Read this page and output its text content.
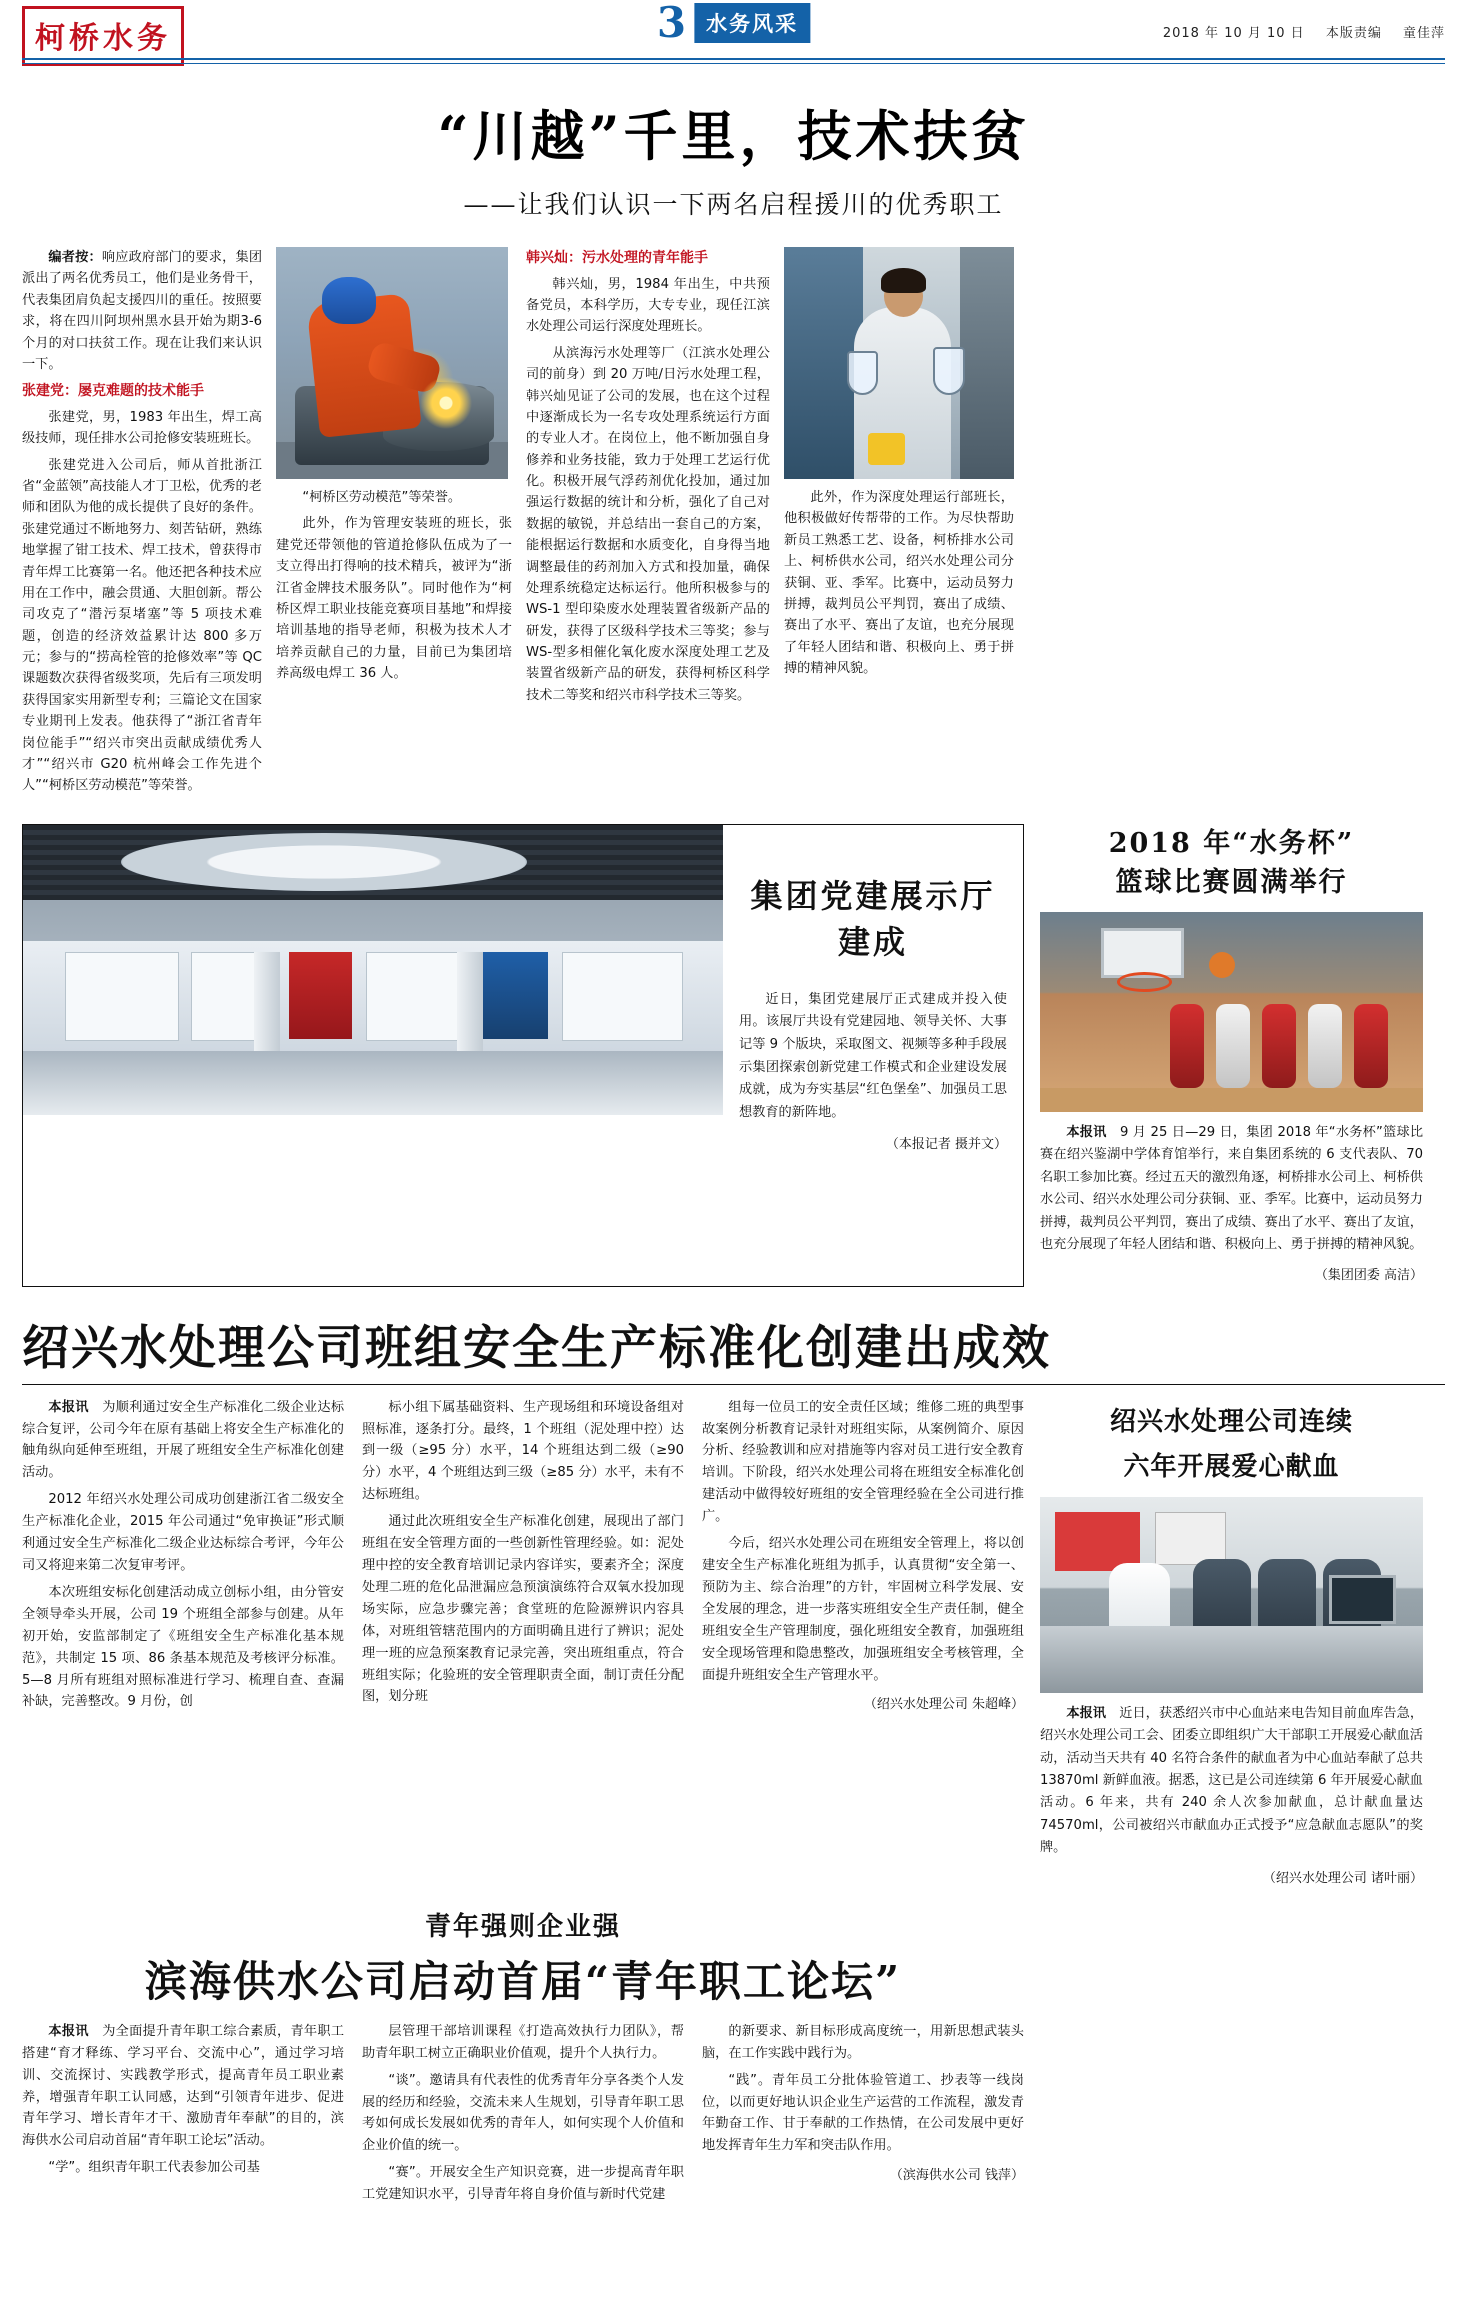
柯桥水务	3 水务风采	2018 年 10 月 10 日 本版责编 童佳萍
“川越”千里，技术扶贫
——让我们认识一下两名启程援川的优秀职工

编者按：响应政府部门的要求，集团派出了两名优秀员工，他们是业务骨干，代表集团肩负起支援四川的重任。按照要求，将在四川阿坝州黑水县开始为期3-6个月的对口扶贫工作。现在让我们来认识一下。

张建党：屡克难题的技术能手

张建党，男，1983 年出生，焊工高级技师，现任排水公司抢修安装班班长。

张建党进入公司后，师从首批浙江省“金蓝领”高技能人才丁卫松，优秀的老师和团队为他的成长提供了良好的条件。张建党通过不断地努力、刻苦钻研，熟练地掌握了钳工技术、焊工技术，曾获得市青年焊工比赛第一名。他还把各种技术应用在工作中，融会贯通、大胆创新。帮公司攻克了“潜污泵堵塞”等 5 项技术难题，创造的经济效益累计达 800 多万元；参与的“捞高栓管的抢修效率”等 QC 课题数次获得省级奖项，先后有三项发明获得国家实用新型专利；三篇论文在国家专业期刊上发表。他获得了“浙江省青年岗位能手”“绍兴市突出贡献成绩优秀人才”“绍兴市 G20 杭州峰会工作先进个人”“柯桥区劳动模范”等荣誉。

“柯桥区劳动模范”等荣誉。

此外，作为管理安装班的班长，张建党还带领他的管道抢修队伍成为了一支立得出打得响的技术精兵，被评为“浙江省金牌技术服务队”。同时他作为“柯桥区焊工职业技能竞赛项目基地”和焊接培训基地的指导老师，积极为技术人才培养贡献自己的力量，目前已为集团培养高级电焊工 36 人。

韩兴灿：污水处理的青年能手

韩兴灿，男，1984 年出生，中共预备党员，本科学历，大专专业，现任江滨水处理公司运行深度处理班长。

从滨海污水处理等厂（江滨水处理公司的前身）到 20 万吨/日污水处理工程，韩兴灿见证了公司的发展，也在这个过程中逐渐成长为一名专攻处理系统运行方面的专业人才。在岗位上，他不断加强自身修养和业务技能，致力于处理工艺运行优化。积极开展气浮药剂优化投加，通过加强运行数据的统计和分析，强化了自己对数据的敏锐，并总结出一套自己的方案，能根据运行数据和水质变化，自身得当地调整最佳的药剂加入方式和投加量，确保处理系统稳定达标运行。他所积极参与的 WS-1 型印染废水处理装置省级新产品的研发，获得了区级科学技术三等奖；参与 WS-型多相催化氧化废水深度处理工艺及装置省级新产品的研发，获得柯桥区科学技术二等奖和绍兴市科学技术三等奖。

此外，作为深度处理运行部班长，他积极做好传帮带的工作。为尽快帮助新员工熟悉工艺、设备，柯桥排水公司上、柯桥供水公司，绍兴水处理公司分获铜、亚、季军。比赛中，运动员努力拼搏，裁判员公平判罚，赛出了成绩、赛出了水平、赛出了友谊，也充分展现了年轻人团结和谐、积极向上、勇于拼搏的精神风貌。

集团党建展示厅建成

近日，集团党建展厅正式建成并投入使用。该展厅共设有党建园地、领导关怀、大事记等 9 个版块，采取图文、视频等多种手段展示集团探索创新党建工作模式和企业建设发展成就，成为夯实基层“红色堡垒”、加强员工思想教育的新阵地。

（本报记者 摄并文）
2018 年“水务杯”
篮球比赛圆满举行

本报讯　 9 月 25 日—29 日，集团 2018 年“水务杯”篮球比赛在绍兴鉴湖中学体育馆举行，来自集团系统的 6 支代表队、70 名职工参加比赛。经过五天的激烈角逐，柯桥排水公司上、柯桥供水公司、绍兴水处理公司分获铜、亚、季军。比赛中，运动员努力拼搏，裁判员公平判罚，赛出了成绩、赛出了水平、赛出了友谊，也充分展现了年轻人团结和谐、积极向上、勇于拼搏的精神风貌。

（集团团委 高洁）
绍兴水处理公司班组安全生产标准化创建出成效

本报讯　 为顺利通过安全生产标准化二级企业达标综合复评，公司今年在原有基础上将安全生产标准化的触角纵向延伸至班组，开展了班组安全生产标准化创建活动。

2012 年绍兴水处理公司成功创建浙江省二级安全生产标准化企业，2015 年公司通过“免审换证”形式顺利通过安全生产标准化二级企业达标综合考评，今年公司又将迎来第二次复审考评。

本次班组安标化创建活动成立创标小组，由分管安全领导牵头开展，公司 19 个班组全部参与创建。从年初开始，安监部制定了《班组安全生产标准化基本规范》，共制定 15 项、86 条基本规范及考核评分标准。5—8 月所有班组对照标准进行学习、梳理自查、查漏补缺，完善整改。9 月份，创

标小组下属基础资料、生产现场组和环境设备组对照标准，逐条打分。最终，1 个班组（泥处理中控）达到一级（≥95 分）水平，14 个班组达到二级（≥90 分）水平，4 个班组达到三级（≥85 分）水平，未有不达标班组。

通过此次班组安全生产标准化创建，展现出了部门班组在安全管理方面的一些创新性管理经验。如：泥处理中控的安全教育培训记录内容详实，要素齐全；深度处理二班的危化品泄漏应急预演演练符合双氧水投加现场实际，应急步骤完善；食堂班的危险源辨识内容具体，对班组管辖范围内的方面明确且进行了辨识；泥处理一班的应急预案教育记录完善，突出班组重点，符合班组实际；化验班的安全管理职责全面，制订责任分配图，划分班

组每一位员工的安全责任区域；维修二班的典型事故案例分析教育记录针对班组实际，从案例简介、原因分析、经验教训和应对措施等内容对员工进行安全教育培训。下阶段，绍兴水处理公司将在班组安全标准化创建活动中做得较好班组的安全管理经验在全公司进行推广。

今后，绍兴水处理公司在班组安全管理上，将以创建安全生产标准化班组为抓手，认真贯彻“安全第一、预防为主、综合治理”的方针，牢固树立科学发展、安全发展的理念，进一步落实班组安全生产责任制，健全班组安全生产管理制度，强化班组安全教育，加强班组安全现场管理和隐患整改，加强班组安全考核管理，全面提升班组安全生产管理水平。

（绍兴水处理公司 朱超峰）
绍兴水处理公司连续
六年开展爱心献血

本报讯　 近日，获悉绍兴市中心血站来电告知目前血库告急，绍兴水处理公司工会、团委立即组织广大干部职工开展爱心献血活动，活动当天共有 40 名符合条件的献血者为中心血站奉献了总共 13870ml 新鲜血液。据悉，这已是公司连续第 6 年开展爱心献血活动。6 年来，共有 240 余人次参加献血，总计献血量达 74570ml，公司被绍兴市献血办正式授予“应急献血志愿队”的奖牌。

（绍兴水处理公司 诸叶丽）
青年强则企业强
滨海供水公司启动首届“青年职工论坛”

本报讯　 为全面提升青年职工综合素质，青年职工搭建“育才释练、学习平台、交流中心”，通过学习培训、交流探讨、实践教学形式，提高青年员工职业素养，增强青年职工认同感，达到“引领青年进步、促进青年学习、增长青年才干、激励青年奉献”的目的，滨海供水公司启动首届“青年职工论坛”活动。

“学”。组织青年职工代表参加公司基

层管理干部培训课程《打造高效执行力团队》，帮助青年职工树立正确职业价值观，提升个人执行力。

“谈”。邀请具有代表性的优秀青年分享各类个人发展的经历和经验，交流未来人生规划，引导青年职工思考如何成长发展如优秀的青年人，如何实现个人价值和企业价值的统一。

“赛”。开展安全生产知识竞赛，进一步提高青年职工党建知识水平，引导青年将自身价值与新时代党建

的新要求、新目标形成高度统一，用新思想武装头脑，在工作实践中践行为。

“践”。青年员工分批体验管道工、抄表等一线岗位，以而更好地认识企业生产运营的工作流程，激发青年勤奋工作、甘于奉献的工作热情，在公司发展中更好地发挥青年生力军和突击队作用。

（滨海供水公司 钱萍）
